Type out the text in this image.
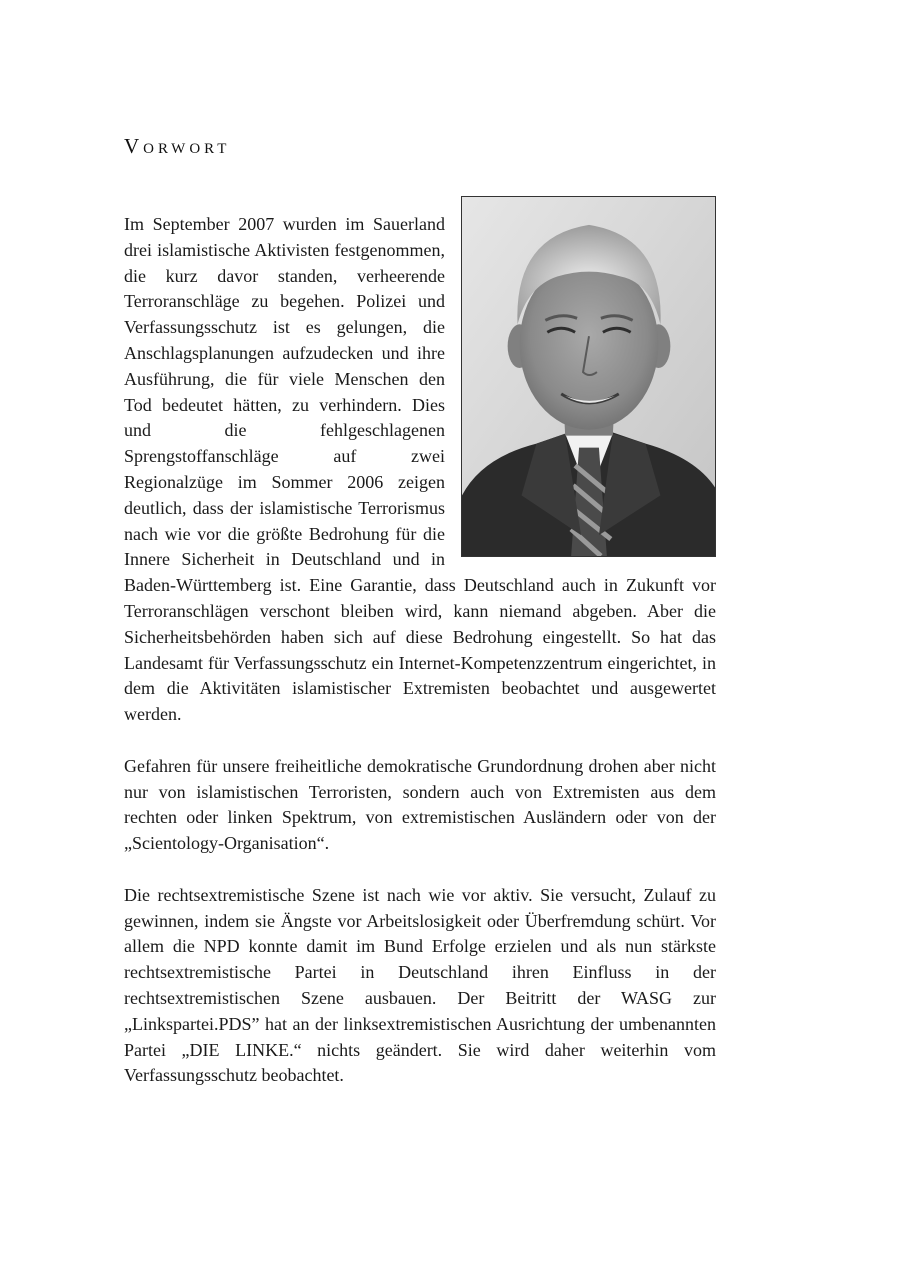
Vorwort

Im September 2007 wurden im Sauerland drei islamistische Aktivisten festgenommen, die kurz davor standen, verheerende Terroranschläge zu begehen. Polizei und Verfassungsschutz ist es gelungen, die Anschlagsplanungen aufzudecken und ihre Ausführung, die für viele Menschen den Tod bedeutet hätten, zu verhindern. Dies und die fehlgeschlagenen Sprengstoffanschläge auf zwei Regionalzüge im Sommer 2006 zeigen deutlich, dass der islamistische Terrorismus nach wie vor die größte Bedrohung für die Innere Sicherheit in Deutschland und in Baden-Württemberg ist. Eine Garantie, dass Deutschland auch in Zukunft vor Terroranschlägen verschont bleiben wird, kann niemand abgeben. Aber die Sicherheitsbehörden haben sich auf diese Bedrohung eingestellt. So hat das Landesamt für Verfassungsschutz ein Internet-Kompetenzzentrum eingerichtet, in dem die Aktivitäten islamistischer Extremisten beobachtet und ausgewertet werden.

Gefahren für unsere freiheitliche demokratische Grundordnung drohen aber nicht nur von islamistischen Terroristen, sondern auch von Extremisten aus dem rechten oder linken Spektrum, von extremistischen Ausländern oder von der „Scientology-Organisation“.

Die rechtsextremistische Szene ist nach wie vor aktiv. Sie versucht, Zulauf zu gewinnen, indem sie Ängste vor Arbeitslosigkeit oder Überfremdung schürt. Vor allem die NPD konnte damit im Bund Erfolge erzielen und als nun stärkste rechtsextremistische Partei in Deutschland ihren Einfluss in der rechtsextremistischen Szene ausbauen. Der Beitritt der WASG zur „Linkspartei.PDS” hat an der linksextremistischen Ausrichtung der umbenannten Partei „DIE LINKE.“ nichts geändert. Sie wird daher weiterhin vom Verfassungsschutz beobachtet.
